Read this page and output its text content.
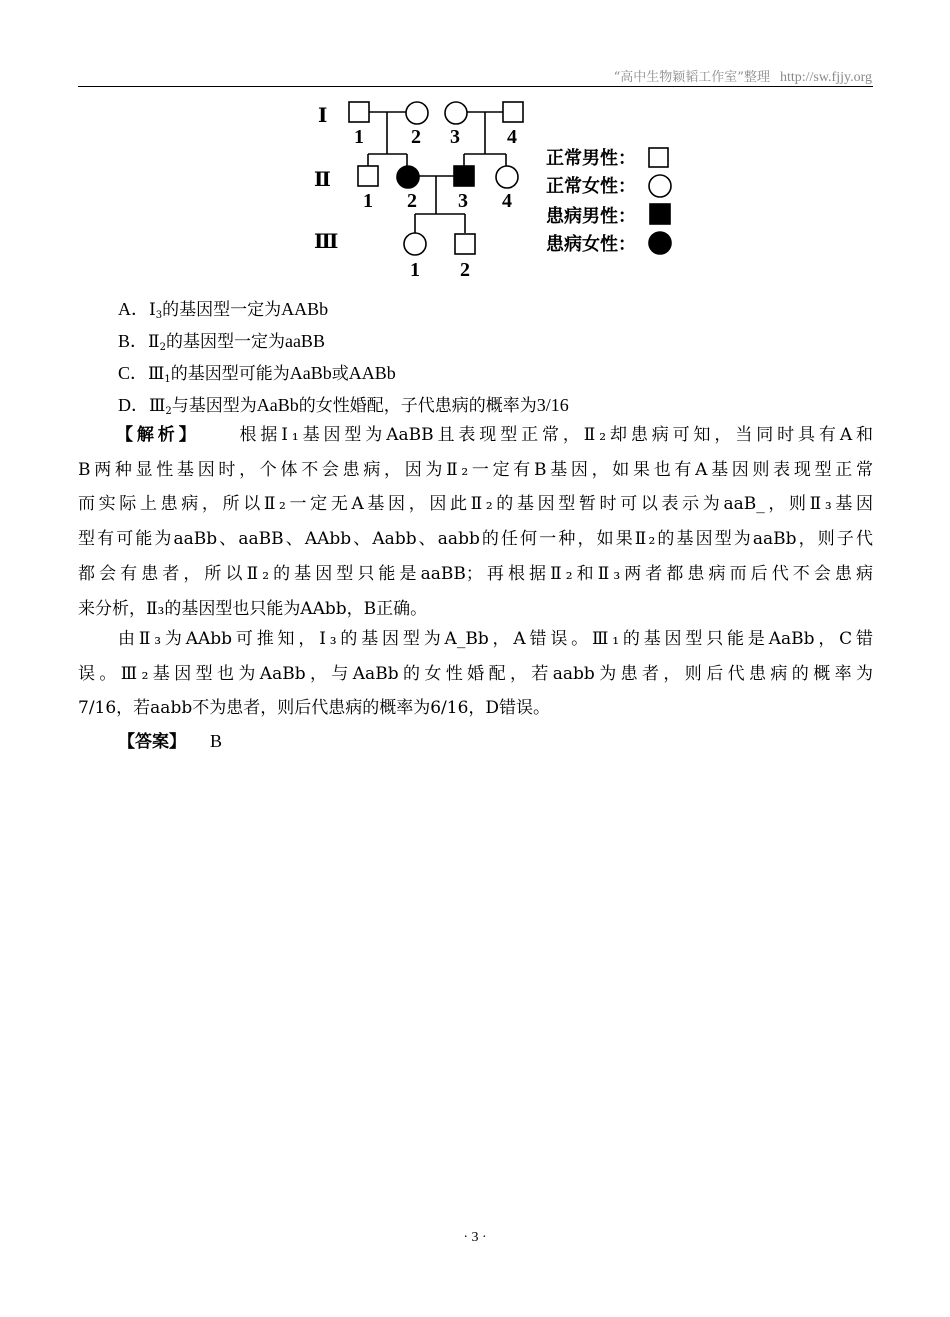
“高中生物颖韬工作室”整理 http://sw.fjjy.org
Ⅰ
Ⅱ
Ⅲ
1 2 3 4
1 2 3 4
1 2
正常男性：
正常女性：
患病男性：
患病女性：
A．$Ⅰ_3$的基因型一定为AABb
B．$Ⅱ_2$的基因型一定为aaBB
C．$Ⅲ_1$的基因型可能为AaBb或AABb
D．$Ⅲ_2$与基因型为AaBb的女性婚配，子代患病的概率为3/16
【解析】 根据Ⅰ₁基因型为AaBB且表现型正常，Ⅱ₂却患病可知，当同时具有A和
B两种显性基因时，个体不会患病，因为Ⅱ₂一定有B基因，如果也有A基因则表现型正常
而实际上患病，所以Ⅱ₂一定无A基因，因此Ⅱ₂的基因型暂时可以表示为aaB_，则Ⅱ₃基因
型有可能为aaBb、aaBB、AAbb、Aabb、aabb的任何一种，如果Ⅱ₂的基因型为aaBb，则子代
都会有患者，所以Ⅱ₂的基因型只能是aaBB；再根据Ⅱ₂和Ⅱ₃两者都患病而后代不会患病
来分析，Ⅱ₃的基因型也只能为AAbb，B正确。
由Ⅱ₃为AAbb可推知，Ⅰ₃的基因型为A_Bb，A错误。Ⅲ₁的基因型只能是AaBb，C错
误。Ⅲ₂基因型也为AaBb，与AaBb的女性婚配，若aabb为患者，则后代患病的概率为
7/16，若aabb不为患者，则后代患病的概率为6/16，D错误。
【答案】 B
· 3 ·
